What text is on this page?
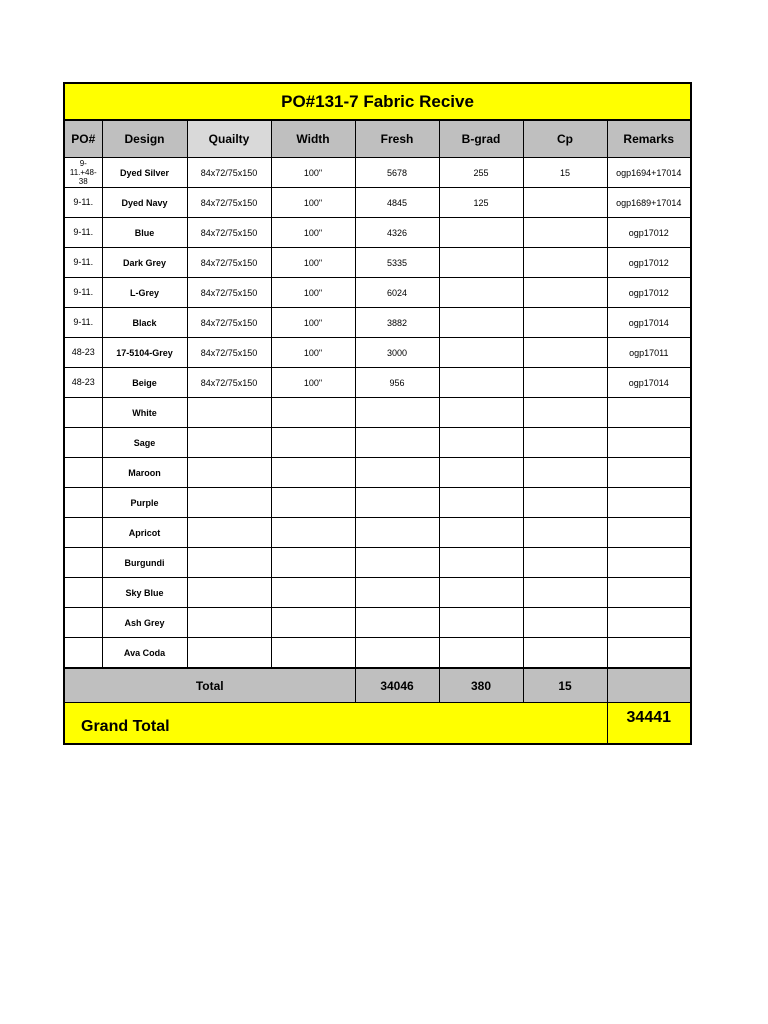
PO#131-7 Fabric Recive							
PO#	Design	Quailty	Width	Fresh	B-grad	Cp	Remarks
9-
11.+48-
38	Dyed Silver	84x72/75x150	100"	5678	255	15	ogp1694+17014
9-11.	Dyed Navy	84x72/75x150	100"	4845	125		ogp1689+17014
9-11.	Blue	84x72/75x150	100"	4326			ogp17012
9-11.	Dark Grey	84x72/75x150	100"	5335			ogp17012
9-11.	L-Grey	84x72/75x150	100"	6024			ogp17012
9-11.	Black	84x72/75x150	100"	3882			ogp17014
48-23	17-5104-Grey	84x72/75x150	100"	3000			ogp17011
48-23	Beige	84x72/75x150	100"	956			ogp17014
	White						
	Sage						
	Maroon						
	Purple						
	Apricot						
	Burgundi						
	Sky Blue						
	Ash Grey						
	Ava Coda						
Total				34046	380	15	
Grand Total							34441
